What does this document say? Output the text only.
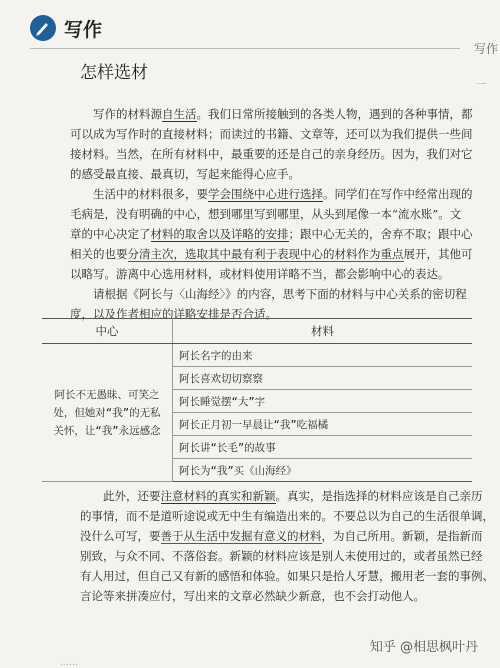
写作
写作
一
怎样选材

　　写作的材料源自生活。我们日常所接触到的各类人物，遇到的各种事情，都

可以成为写作时的直接材料；而读过的书籍、文章等，还可以为我们提供一些间

接材料。当然，在所有材料中，最重要的还是自己的亲身经历。因为，我们对它

的感受最直接、最真切，写起来能得心应手。

　　生活中的材料很多，要学会围绕中心进行选择。同学们在写作中经常出现的

毛病是，没有明确的中心，想到哪里写到哪里，从头到尾像一本“流水账”。文

章的中心决定了材料的取舍以及详略的安排；跟中心无关的，舍弃不取；跟中心

相关的也要分清主次，选取其中最有利于表现中心的材料作为重点展开，其他可

以略写。游离中心选用材料，或材料使用详略不当，都会影响中心的表达。

　　请根据《阿长与〈山海经〉》的内容，思考下面的材料与中心关系的密切程

度，以及作者相应的详略安排是否合适。

中心	材料

阿长不无愚昧、可笑之
处，但她对“我”的无私
关怀，让“我”永远感念	阿长名字的由来
	阿长喜欢切切察察
	阿长睡觉摆“大”字
	阿长正月初一早晨让“我”吃福橘
	阿长讲“长毛”的故事
	阿长为“我”买《山海经》

　　此外，还要注意材料的真实和新颖。真实，是指选择的材料应该是自己亲历

的事情，而不是道听途说或无中生有编造出来的。不要总以为自己的生活很单调，

没什么可写，要善于从生活中发掘有意义的材料，为自己所用。新颖，是指新而

别致，与众不同、不落俗套。新颖的材料应该是别人未使用过的，或者虽然已经

有人用过，但自己又有新的感悟和体验。如果只是拾人牙慧，搬用老一套的事例、

言论等来拼凑应付，写出来的文章必然缺少新意，也不会打动他人。

知乎 @相思枫叶丹
……
